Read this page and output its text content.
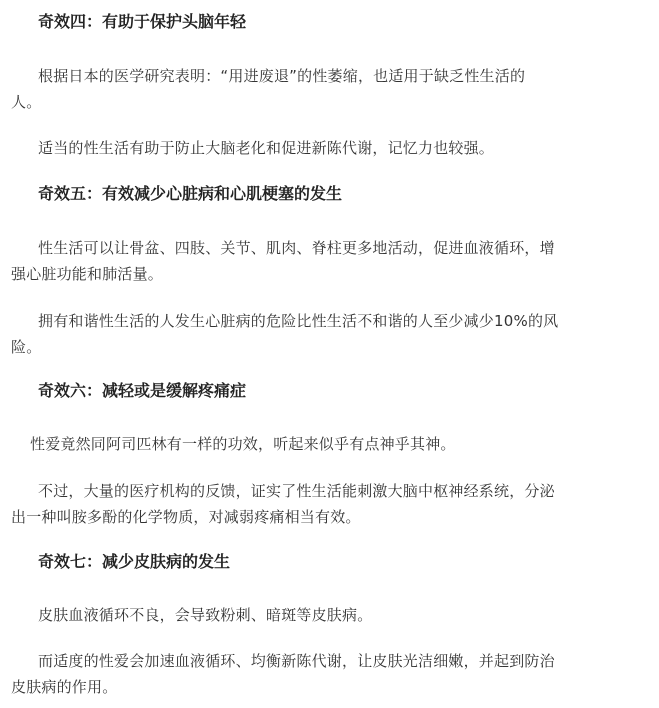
奇效四：有助于保护头脑年轻
根据日本的医学研究表明：“用进废退”的性萎缩，也适用于缺乏性生活的
人。
适当的性生活有助于防止大脑老化和促进新陈代谢，记忆力也较强。
奇效五：有效减少心脏病和心肌梗塞的发生
性生活可以让骨盆、四肢、关节、肌肉、脊柱更多地活动，促进血液循环，增
强心脏功能和肺活量。
拥有和谐性生活的人发生心脏病的危险比性生活不和谐的人至少减少10%的风
险。
奇效六：减轻或是缓解疼痛症
性爱竟然同阿司匹林有一样的功效，听起来似乎有点神乎其神。
不过，大量的医疗机构的反馈，证实了性生活能刺激大脑中枢神经系统，分泌
出一种叫胺多酚的化学物质，对减弱疼痛相当有效。
奇效七：减少皮肤病的发生
皮肤血液循环不良，会导致粉刺、暗斑等皮肤病。
而适度的性爱会加速血液循环、均衡新陈代谢，让皮肤光洁细嫩，并起到防治
皮肤病的作用。
